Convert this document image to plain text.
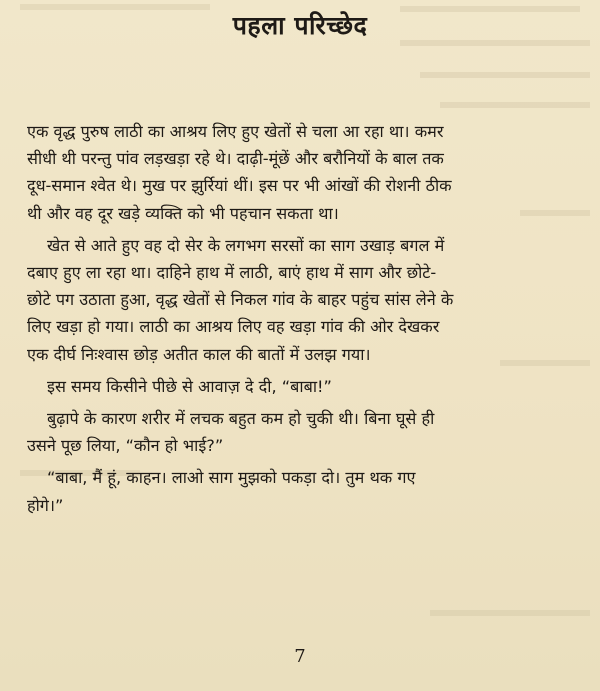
पहला परिच्छेद
एक वृद्ध पुरुष लाठी का आश्रय लिए हुए खेतों से चला आ रहा था। कमर
सीधी थी परन्तु पांव लड़खड़ा रहे थे। दाढ़ी-मूंछें और बरौनियों के बाल तक
दूध-समान श्वेत थे। मुख पर झुर्रियां थीं। इस पर भी आंखों की रोशनी ठीक
थी और वह दूर खड़े व्यक्ति को भी पहचान सकता था।
खेत से आते हुए वह दो सेर के लगभग सरसों का साग उखाड़ बगल में
दबाए हुए ला रहा था। दाहिने हाथ में लाठी, बाएं हाथ में साग और छोटे-
छोटे पग उठाता हुआ, वृद्ध खेतों से निकल गांव के बाहर पहुंच सांस लेने के
लिए खड़ा हो गया। लाठी का आश्रय लिए वह खड़ा गांव की ओर देखकर
एक दीर्घ निःश्वास छोड़ अतीत काल की बातों में उलझ गया।
इस समय किसीने पीछे से आवाज़ दे दी, “बाबा!”
बुढ़ापे के कारण शरीर में लचक बहुत कम हो चुकी थी। बिना घूसे ही
उसने पूछ लिया, “कौन हो भाई?”
“बाबा, मैं हूं, काहन। लाओ साग मुझको पकड़ा दो। तुम थक गए
होगे।”
7
